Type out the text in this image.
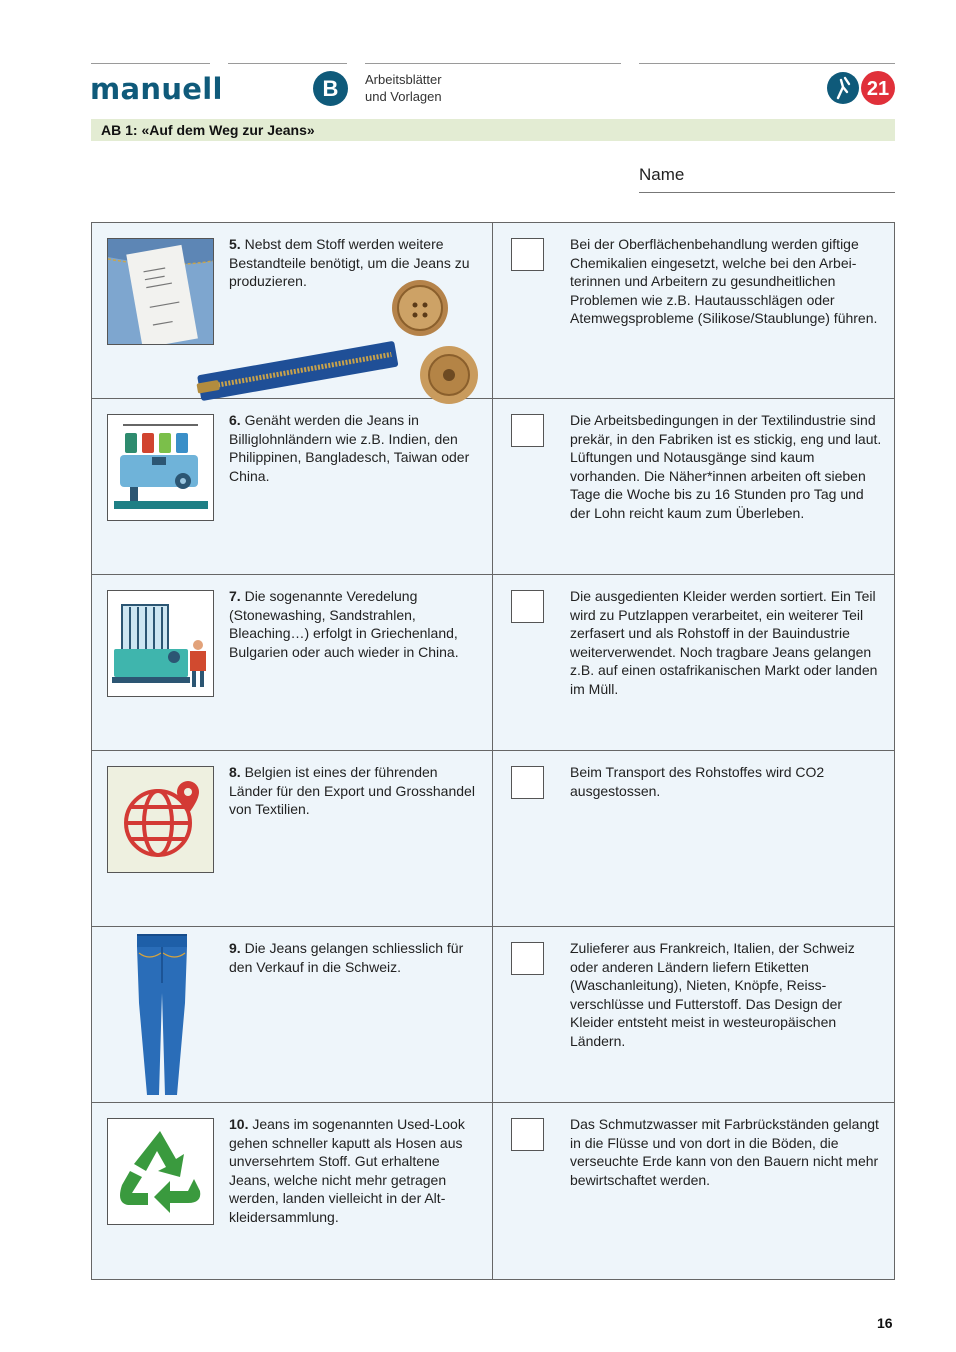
manuell	B	Arbeitsblätter
und Vorlagen	21
AB 1: «Auf dem Weg zur Jeans»
Name
5. Nebst dem Stoff werden weitere Bestandteile benötigt, um die Jeans zu produzieren.
Bei der Oberflächenbehandlung werden giftige Chemikalien eingesetzt, welche bei den Arbeiterinnen und Arbeitern zu gesundheitlichen Problemen wie z.B. Hautausschlägen oder Atemwegsprobleme (Silikose/Staublunge) führen.
6. Genäht werden die Jeans in Billiglohnländern wie z.B. Indien, den Philippinen, Bangladesch, Taiwan oder China.
Die Arbeitsbedingungen in der Textilindustrie sind prekär, in den Fabriken ist es stickig, eng und laut. Lüftungen und Notausgänge sind kaum vorhanden. Die Näher*innen arbeiten oft sieben Tage die Woche bis zu 16 Stunden pro Tag und der Lohn reicht kaum zum Überleben.
7. Die sogenannte Veredelung (Stonewashing, Sandstrahlen, Bleaching…) erfolgt in Griechenland, Bulgarien oder auch wieder in China.
Die ausgedienten Kleider werden sortiert. Ein Teil wird zu Putzlappen verarbeitet, ein weiterer Teil zerfasert und als Rohstoff in der Bauindustrie weiterverwendet. Noch tragbare Jeans gelangen z.B. auf einen ostafrikanischen Markt oder landen im Müll.
8. Belgien ist eines der führenden Länder für den Export und Grosshandel von Textilien.
Beim Transport des Rohstoffes wird CO2 ausgestossen.
9. Die Jeans gelangen schliesslich für den Verkauf in die Schweiz.
Zulieferer aus Frankreich, Italien, der Schweiz oder anderen Ländern liefern Etiketten (Waschanleitung), Nieten, Knöpfe, Reissverschlüsse und Futterstoff. Das Design der Kleider entsteht meist in westeuropäischen Ländern.
10. Jeans im sogenannten Used-Look gehen schneller kaputt als Hosen aus unversehrtem Stoff. Gut erhaltene Jeans, welche nicht mehr getragen werden, landen vielleicht in der Altkleidersammlung.
Das Schmutzwasser mit Farbrückständen gelangt in die Flüsse und von dort in die Böden, die verseuchte Erde kann von den Bauern nicht mehr bewirtschaftet werden.
16
